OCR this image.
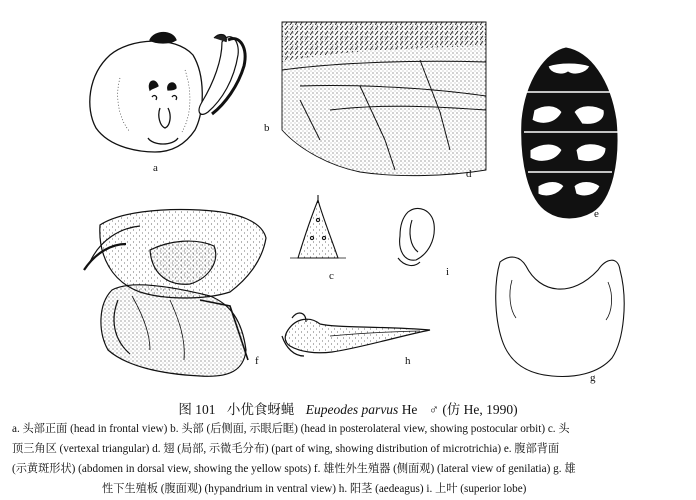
a
b
c
d
e
f
g
h
i
图 101 小优食蚜蝇 Eupeodes parvus He ♂ (仿 He, 1990)
a. 头部正面 (head in frontal view) b. 头部 (后侧面, 示眼后眶) (head in posterolateral view, showing postocular orbit) c. 头
顶三角区 (vertexal triangular) d. 翅 (局部, 示微毛分布) (part of wing, showing distribution of microtrichia) e. 腹部背面
(示黄斑形状) (abdomen in dorsal view, showing the yellow spots) f. 雄性外生殖器 (侧面观) (lateral view of genilatia) g. 雄
性下生殖板 (腹面观) (hypandrium in ventral view) h. 阳茎 (aedeagus) i. 上叶 (superior lobe)
